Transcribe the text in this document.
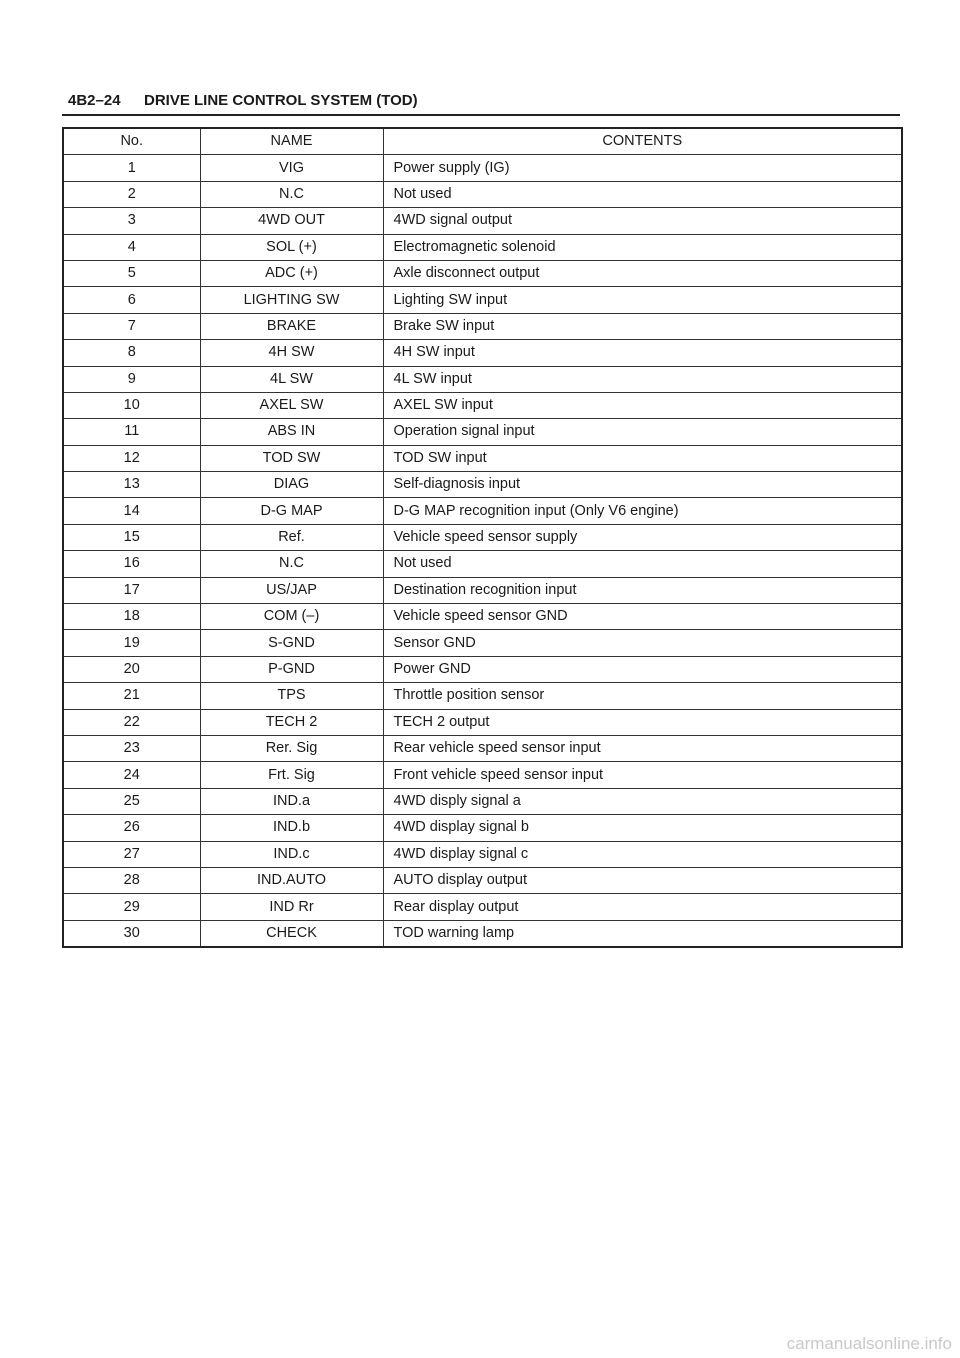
4B2–24 DRIVE LINE CONTROL SYSTEM (TOD)
No.	NAME	CONTENTS
1	VIG	Power supply (IG)
2	N.C	Not used
3	4WD OUT	4WD signal output
4	SOL (+)	Electromagnetic solenoid
5	ADC (+)	Axle disconnect output
6	LIGHTING SW	Lighting SW input
7	BRAKE	Brake SW input
8	4H SW	4H SW input
9	4L SW	4L SW input
10	AXEL SW	AXEL SW input
11	ABS IN	Operation signal input
12	TOD SW	TOD SW input
13	DIAG	Self-diagnosis input
14	D-G MAP	D-G MAP recognition input (Only V6 engine)
15	Ref.	Vehicle speed sensor supply
16	N.C	Not used
17	US/JAP	Destination recognition input
18	COM (–)	Vehicle speed sensor GND
19	S-GND	Sensor GND
20	P-GND	Power GND
21	TPS	Throttle position sensor
22	TECH 2	TECH 2 output
23	Rer. Sig	Rear vehicle speed sensor input
24	Frt. Sig	Front vehicle speed sensor input
25	IND.a	4WD disply signal a
26	IND.b	4WD display signal b
27	IND.c	4WD display signal c
28	IND.AUTO	AUTO display output
29	IND Rr	Rear display output
30	CHECK	TOD warning lamp
carmanualsonline.info
